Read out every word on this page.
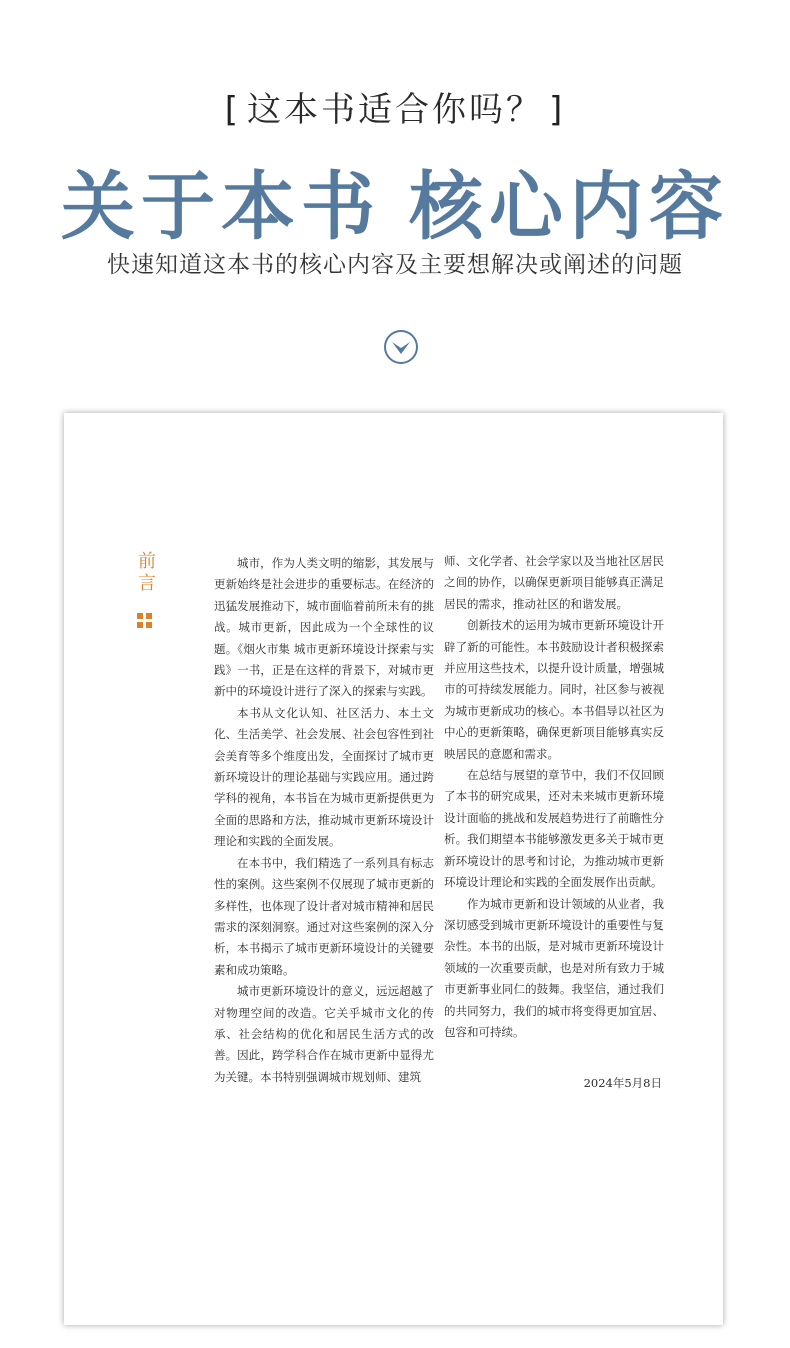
[ 这本书适合你吗？ ]
关于本书 核心内容
快速知道这本书的核心内容及主要想解决或阐述的问题
前言

城市，作为人类文明的缩影，其发展与更新始终是社会进步的重要标志。在经济的迅猛发展推动下，城市面临着前所未有的挑战。城市更新，因此成为一个全球性的议题。《烟火市集 城市更新环境设计探索与实践》一书，正是在这样的背景下，对城市更新中的环境设计进行了深入的探索与实践。

本书从文化认知、社区活力、本土文化、生活美学、社会发展、社会包容性到社会美育等多个维度出发，全面探讨了城市更新环境设计的理论基础与实践应用。通过跨学科的视角，本书旨在为城市更新提供更为全面的思路和方法，推动城市更新环境设计理论和实践的全面发展。

在本书中，我们精选了一系列具有标志性的案例。这些案例不仅展现了城市更新的多样性，也体现了设计者对城市精神和居民需求的深刻洞察。通过对这些案例的深入分析，本书揭示了城市更新环境设计的关键要素和成功策略。

城市更新环境设计的意义，远远超越了对物理空间的改造。它关乎城市文化的传承、社会结构的优化和居民生活方式的改善。因此，跨学科合作在城市更新中显得尤为关键。本书特别强调城市规划师、建筑

师、文化学者、社会学家以及当地社区居民之间的协作，以确保更新项目能够真正满足居民的需求，推动社区的和谐发展。

创新技术的运用为城市更新环境设计开辟了新的可能性。本书鼓励设计者积极探索并应用这些技术，以提升设计质量，增强城市的可持续发展能力。同时，社区参与被视为城市更新成功的核心。本书倡导以社区为中心的更新策略，确保更新项目能够真实反映居民的意愿和需求。

在总结与展望的章节中，我们不仅回顾了本书的研究成果，还对未来城市更新环境设计面临的挑战和发展趋势进行了前瞻性分析。我们期望本书能够激发更多关于城市更新环境设计的思考和讨论，为推动城市更新环境设计理论和实践的全面发展作出贡献。

作为城市更新和设计领域的从业者，我深切感受到城市更新环境设计的重要性与复杂性。本书的出版，是对城市更新环境设计领域的一次重要贡献，也是对所有致力于城市更新事业同仁的鼓舞。我坚信，通过我们的共同努力，我们的城市将变得更加宜居、包容和可持续。

2024年5月8日
